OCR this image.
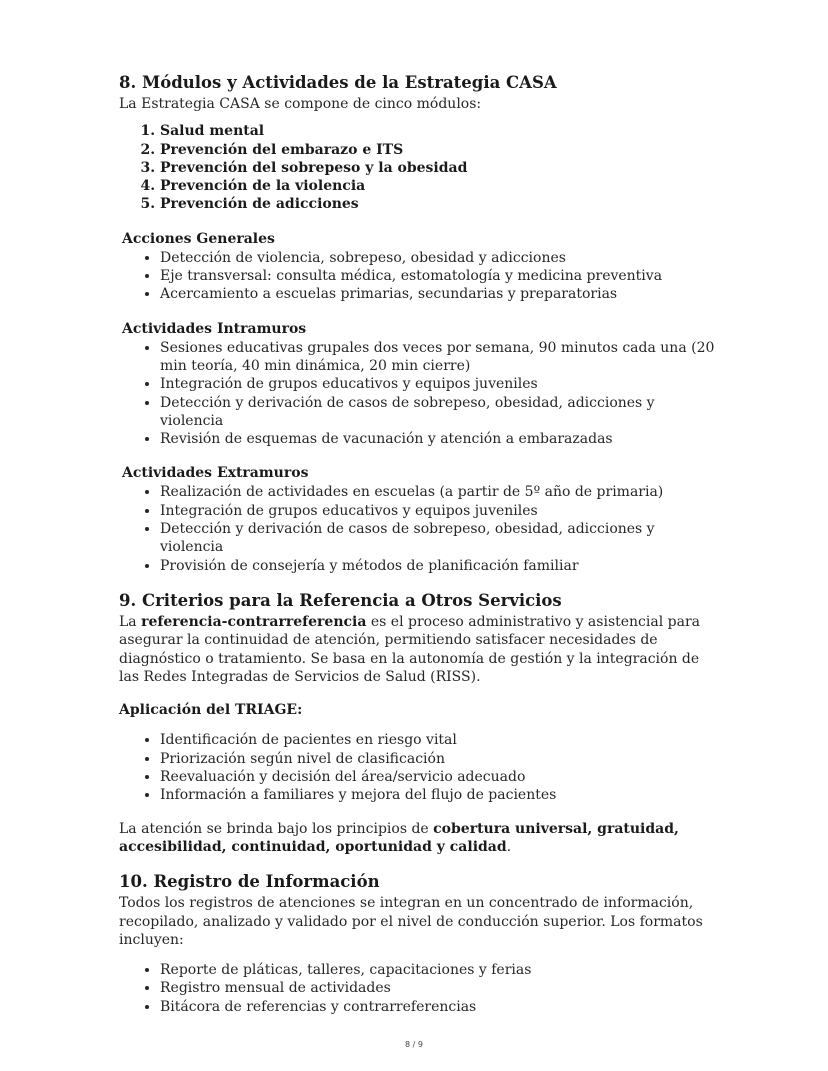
8. Módulos y Actividades de la Estrategia CASA

La Estrategia CASA se compone de cinco módulos:

1. Salud mental
2. Prevención del embarazo e ITS
3. Prevención del sobrepeso y la obesidad
4. Prevención de la violencia
5. Prevención de adicciones
Acciones Generales
• Detección de violencia, sobrepeso, obesidad y adicciones
• Eje transversal: consulta médica, estomatología y medicina preventiva
• Acercamiento a escuelas primarias, secundarias y preparatorias
Actividades Intramuros
• Sesiones educativas grupales dos veces por semana, 90 minutos cada una (20 min teoría, 40 min dinámica, 20 min cierre)
• Integración de grupos educativos y equipos juveniles
• Detección y derivación de casos de sobrepeso, obesidad, adicciones y violencia
• Revisión de esquemas de vacunación y atención a embarazadas
Actividades Extramuros
• Realización de actividades en escuelas (a partir de 5º año de primaria)
• Integración de grupos educativos y equipos juveniles
• Detección y derivación de casos de sobrepeso, obesidad, adicciones y violencia
• Provisión de consejería y métodos de planificación familiar
9. Criterios para la Referencia a Otros Servicios

La referencia-contrarreferencia es el proceso administrativo y asistencial para asegurar la continuidad de atención, permitiendo satisfacer necesidades de diagnóstico o tratamiento. Se basa en la autonomía de gestión y la integración de las Redes Integradas de Servicios de Salud (RISS).

Aplicación del TRIAGE:

• Identificación de pacientes en riesgo vital
• Priorización según nivel de clasificación
• Reevaluación y decisión del área/servicio adecuado
• Información a familiares y mejora del flujo de pacientes

La atención se brinda bajo los principios de cobertura universal, gratuidad, accesibilidad, continuidad, oportunidad y calidad.

10. Registro de Información

Todos los registros de atenciones se integran en un concentrado de información, recopilado, analizado y validado por el nivel de conducción superior. Los formatos incluyen:

• Reporte de pláticas, talleres, capacitaciones y ferias
• Registro mensual de actividades
• Bitácora de referencias y contrarreferencias
8 / 9
